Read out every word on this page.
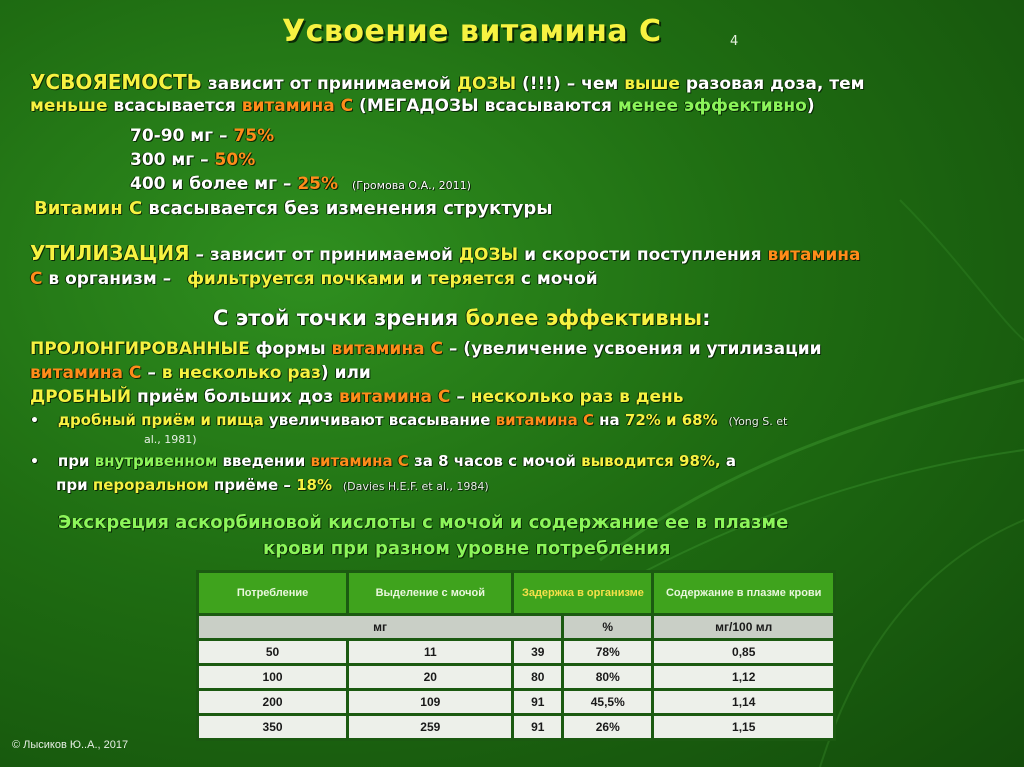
Усвоение витамина С	4
УСВОЯЕМОСТЬ зависит от принимаемой ДОЗЫ (!!!) – чем выше разовая доза, тем
меньше всасывается витамина С (МЕГАДОЗЫ всасываются менее эффективно)
70-90 мг – 75%
300 мг – 50%
400 и более мг – 25% (Громова О.А., 2011)
Витамин С всасывается без изменения структуры
УТИЛИЗАЦИЯ – зависит от принимаемой ДОЗЫ и скорости поступления витамина
С в организм – фильтруется почками и теряется с мочой
С этой точки зрения более эффективны:
ПРОЛОНГИРОВАННЫЕ формы витамина С – (увеличение усвоения и утилизации
витамина С – в несколько раз) или
ДРОБНЫЙ приём больших доз витамина С – несколько раз в день
• дробный приём и пища увеличивают всасывание витамина С на 72% и 68% (Yong S. et
al., 1981)
• при внутривенном введении витамина С за 8 часов с мочой выводится 98%, а
при пероральном приёме – 18% (Davies H.E.F. et al., 1984)
Экскреция аскорбиновой кислоты с мочой и содержание ее в плазме
крови при разном уровне потребления
Потребление	Выделение с мочой	Задержка в организме		Содержание в плазме крови
мг			%	мг/100 мл
50	11	39	78%	0,85
100	20	80	80%	1,12
200	109	91	45,5%	1,14
350	259	91	26%	1,15
© Лысиков Ю..А., 2017
